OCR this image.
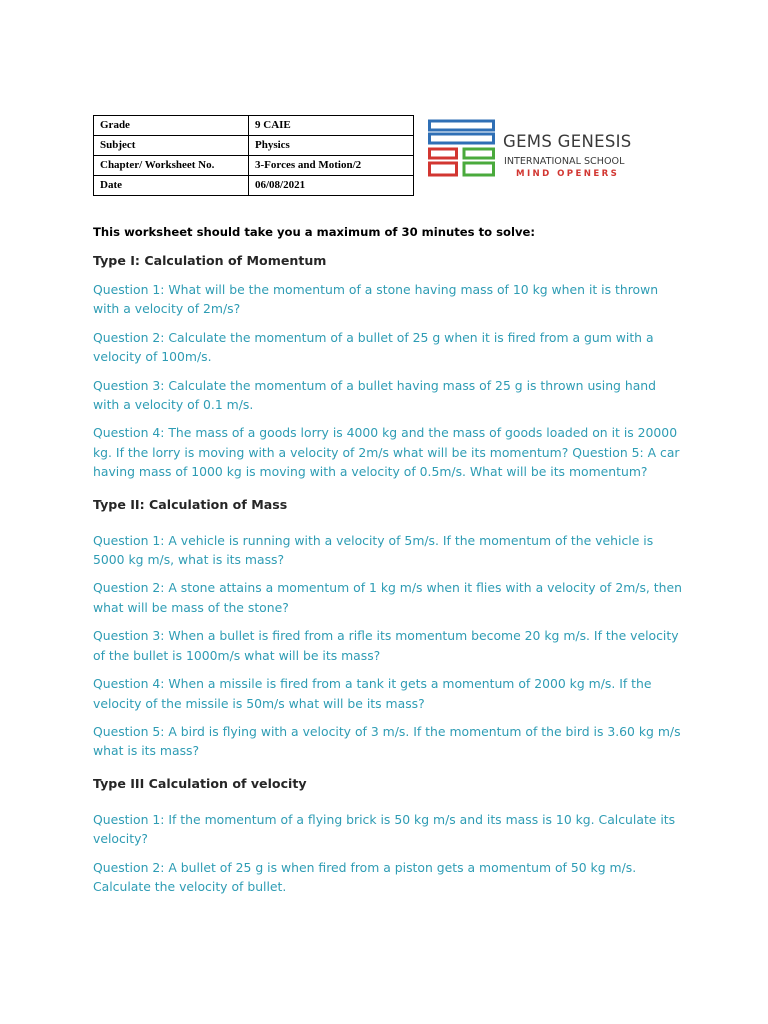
Grade	9 CAIE
Subject	Physics
Chapter/ Worksheet No.	3-Forces and Motion/2
Date	06/08/2021
GEMS GENESIS
INTERNATIONAL SCHOOL
MIND OPENERS

This worksheet should take you a maximum of 30 minutes to solve:

Type I: Calculation of Momentum

Question 1: What will be the momentum of a stone having mass of 10 kg when it is thrown with a velocity of 2m/s?

Question 2: Calculate the momentum of a bullet of 25 g when it is fired from a gum with a velocity of 100m/s.

Question 3: Calculate the momentum of a bullet having mass of 25 g is thrown using hand with a velocity of 0.1 m/s.

Question 4: The mass of a goods lorry is 4000 kg and the mass of goods loaded on it is 20000 kg. If the lorry is moving with a velocity of 2m/s what will be its momentum? Question 5: A car having mass of 1000 kg is moving with a velocity of 0.5m/s. What will be its momentum?

Type II: Calculation of Mass

Question 1: A vehicle is running with a velocity of 5m/s. If the momentum of the vehicle is 5000 kg m/s, what is its mass?

Question 2: A stone attains a momentum of 1 kg m/s when it flies with a velocity of 2m/s, then what will be mass of the stone?

Question 3: When a bullet is fired from a rifle its momentum become 20 kg m/s. If the velocity of the bullet is 1000m/s what will be its mass?

Question 4: When a missile is fired from a tank it gets a momentum of 2000 kg m/s. If the velocity of the missile is 50m/s what will be its mass?

Question 5: A bird is flying with a velocity of 3 m/s. If the momentum of the bird is 3.60 kg m/s what is its mass?

Type III Calculation of velocity

Question 1: If the momentum of a flying brick is 50 kg m/s and its mass is 10 kg. Calculate its velocity?

Question 2: A bullet of 25 g is when fired from a piston gets a momentum of 50 kg m/s. Calculate the velocity of bullet.
